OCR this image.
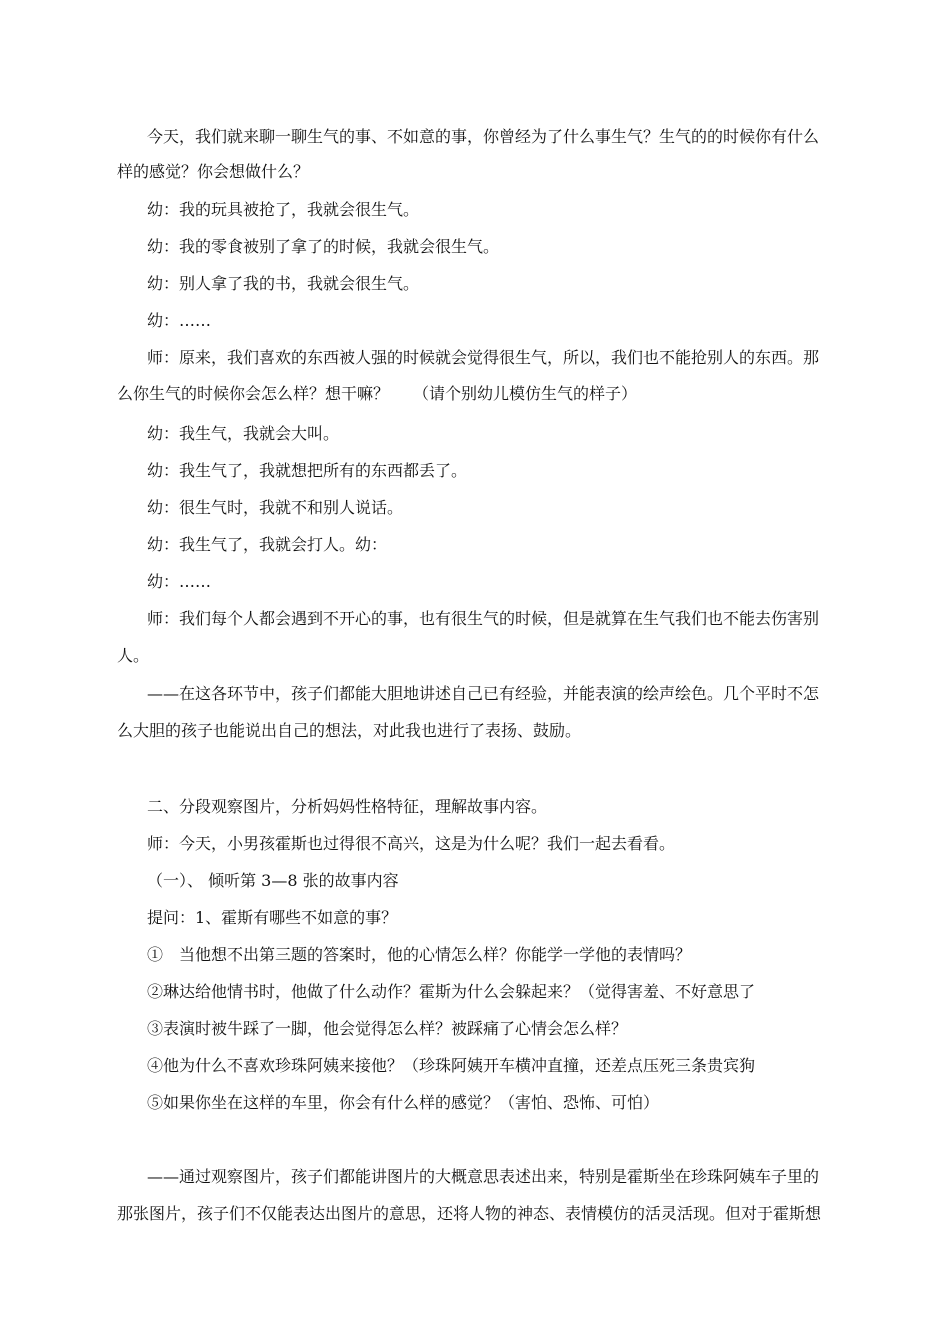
今天，我们就来聊一聊生气的事、不如意的事，你曾经为了什么事生气？生气的的时候你有什么
样的感觉？你会想做什么？
幼：我的玩具被抢了，我就会很生气。
幼：我的零食被别了拿了的时候，我就会很生气。
幼：别人拿了我的书，我就会很生气。
幼：……
师：原来，我们喜欢的东西被人强的时候就会觉得很生气，所以，我们也不能抢别人的东西。那
么你生气的时候你会怎么样？想干嘛？　　（请个别幼儿模仿生气的样子）
幼：我生气，我就会大叫。
幼：我生气了，我就想把所有的东西都丢了。
幼：很生气时，我就不和别人说话。
幼：我生气了，我就会打人。幼：
幼：……
师：我们每个人都会遇到不开心的事，也有很生气的时候，但是就算在生气我们也不能去伤害别
人。
——在这各环节中，孩子们都能大胆地讲述自己已有经验，并能表演的绘声绘色。几个平时不怎
么大胆的孩子也能说出自己的想法，对此我也进行了表扬、鼓励。
二、分段观察图片，分析妈妈性格特征，理解故事内容。
师：今天，小男孩霍斯也过得很不高兴，这是为什么呢？我们一起去看看。
（一）、 倾听第 3—8 张的故事内容
提问：1、霍斯有哪些不如意的事？
①　当他想不出第三题的答案时，他的心情怎么样？你能学一学他的表情吗？
②琳达给他情书时，他做了什么动作？霍斯为什么会躲起来？（觉得害羞、不好意思了
③表演时被牛踩了一脚，他会觉得怎么样？被踩痛了心情会怎么样？
④他为什么不喜欢珍珠阿姨来接他？（珍珠阿姨开车横冲直撞，还差点压死三条贵宾狗
⑤如果你坐在这样的车里，你会有什么样的感觉？（害怕、恐怖、可怕）
——通过观察图片，孩子们都能讲图片的大概意思表述出来，特别是霍斯坐在珍珠阿姨车子里的
那张图片，孩子们不仅能表达出图片的意思，还将人物的神态、表情模仿的活灵活现。但对于霍斯想
